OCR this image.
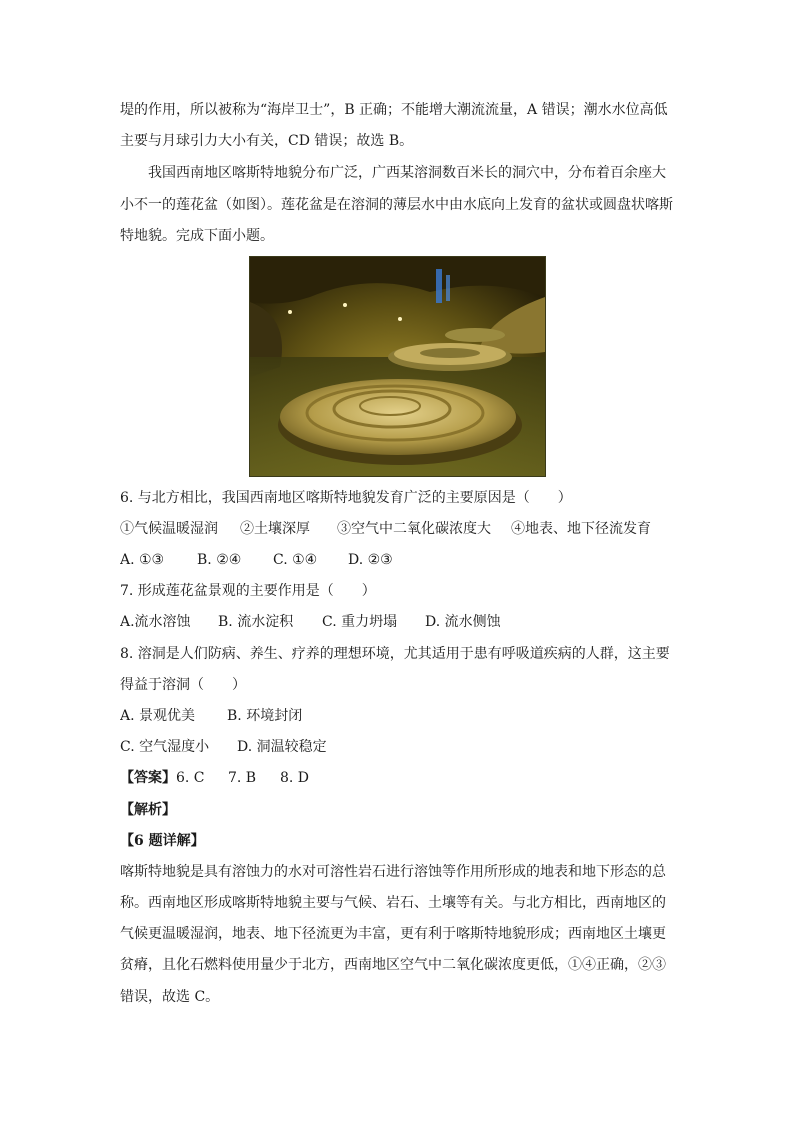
堤的作用，所以被称为“海岸卫士”，B 正确；不能增大潮流流量，A 错误；潮水水位高低
主要与月球引力大小有关，CD 错误；故选 B。
我国西南地区喀斯特地貌分布广泛，广西某溶洞数百米长的洞穴中，分布着百余座大
小不一的莲花盆（如图）。莲花盆是在溶洞的薄层水中由水底向上发育的盆状或圆盘状喀斯
特地貌。完成下面小题。
6. 与北方相比，我国西南地区喀斯特地貌发育广泛的主要原因是（　　）
①气候温暖湿润 ②土壤深厚 ③空气中二氧化碳浓度大 ④地表、地下径流发育
A. ①③ B. ②④ C. ①④ D. ②③
7. 形成莲花盆景观的主要作用是（　　）
A.流水溶蚀 B. 流水淀积 C. 重力坍塌 D. 流水侧蚀
8. 溶洞是人们防病、养生、疗养的理想环境，尤其适用于患有呼吸道疾病的人群，这主要
得益于溶洞（　　）
A. 景观优美 B. 环境封闭
C. 空气湿度小 D. 洞温较稳定
【答案】6. C 7. B 8. D
【解析】
【6 题详解】
喀斯特地貌是具有溶蚀力的水对可溶性岩石进行溶蚀等作用所形成的地表和地下形态的总
称。西南地区形成喀斯特地貌主要与气候、岩石、土壤等有关。与北方相比，西南地区的
气候更温暖湿润，地表、地下径流更为丰富，更有利于喀斯特地貌形成；西南地区土壤更
贫瘠，且化石燃料使用量少于北方，西南地区空气中二氧化碳浓度更低，①④正确，②③
错误，故选 C。
